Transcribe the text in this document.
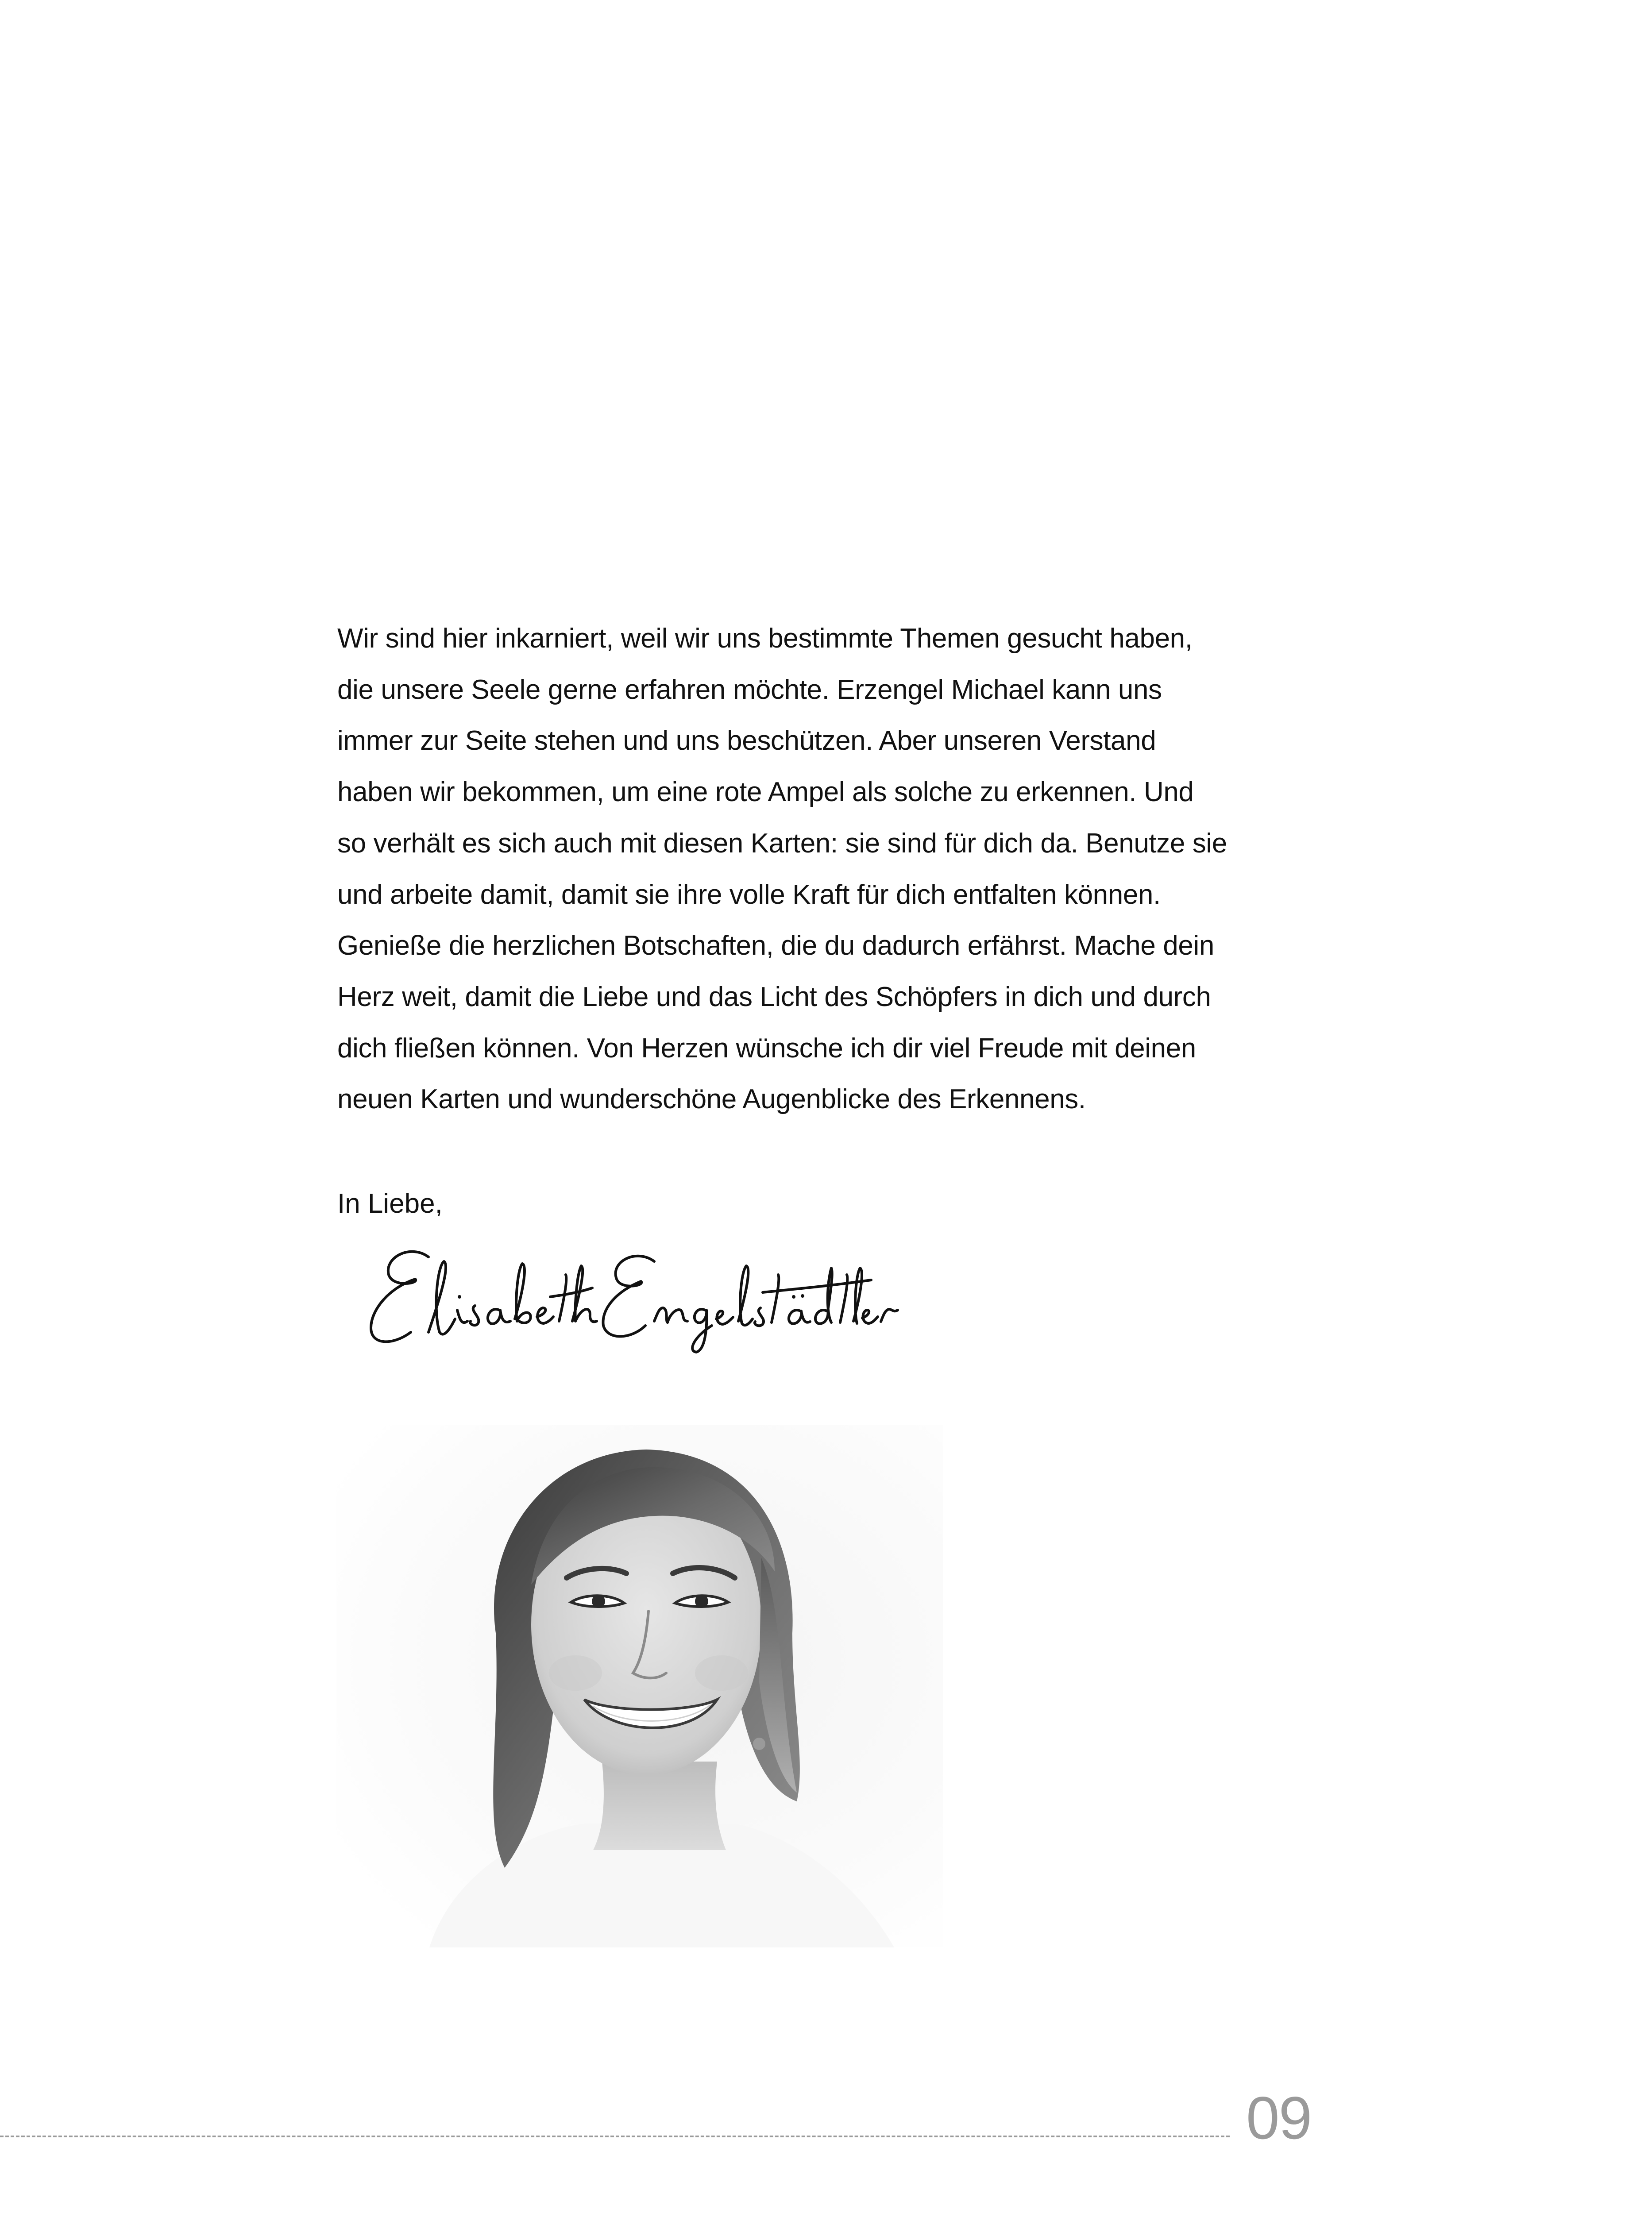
Wir sind hier inkarniert, weil wir uns bestimmte Themen gesucht haben,
die unsere Seele gerne erfahren möchte. Erzengel Michael kann uns
immer zur Seite stehen und uns beschützen. Aber unseren Verstand
haben wir bekommen, um eine rote Ampel als solche zu erkennen. Und
so verhält es sich auch mit diesen Karten: sie sind für dich da. Benutze sie
und arbeite damit, damit sie ihre volle Kraft für dich entfalten können.
Genieße die herzlichen Botschaften, die du dadurch erfährst. Mache dein
Herz weit, damit die Liebe und das Licht des Schöpfers in dich und durch
dich fließen können. Von Herzen wünsche ich dir viel Freude mit deinen
neuen Karten und wunderschöne Augenblicke des Erkennens.

In Liebe,

09
